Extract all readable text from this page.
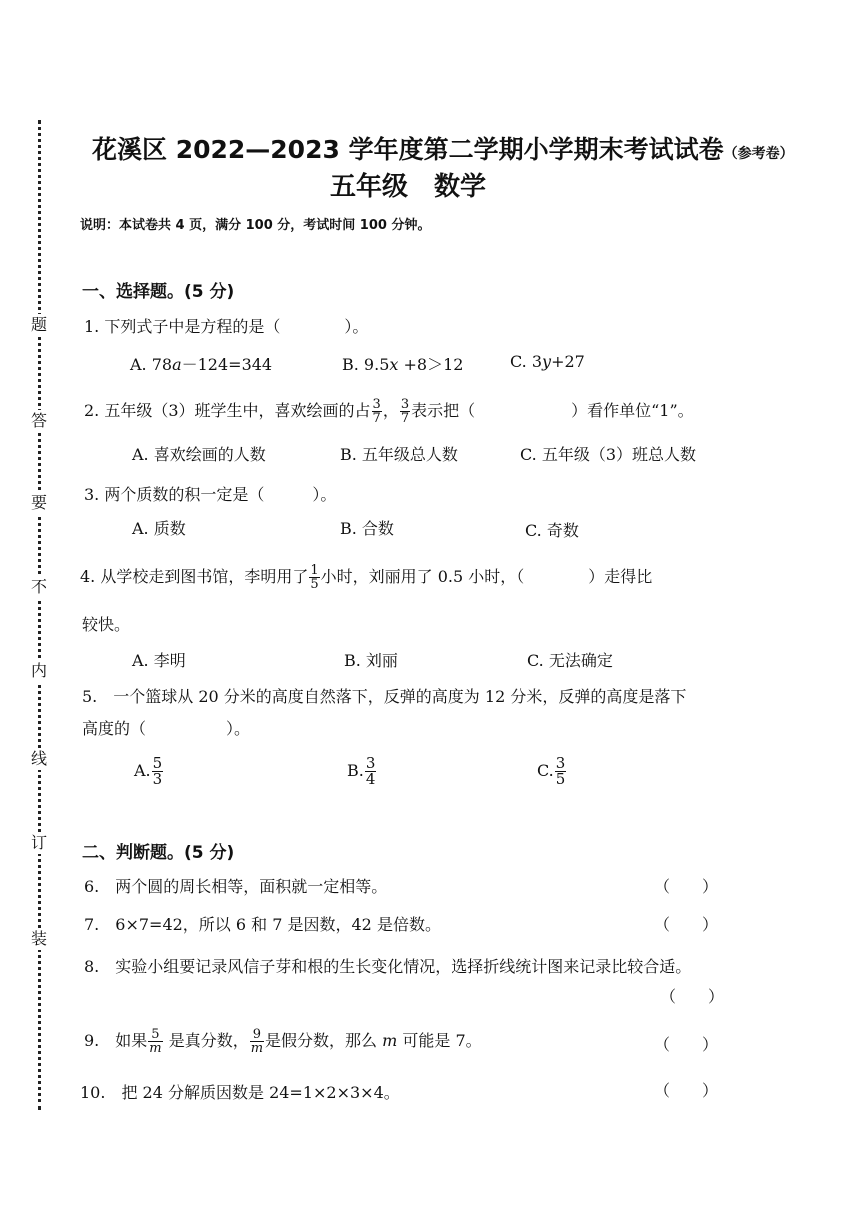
题
答
要
不
内
线
订
装
花溪区 2022—2023 学年度第二学期小学期末考试试卷（参考卷）
五年级　数学
说明：本试卷共 4 页，满分 100 分，考试时间 100 分钟。
一、选择题。(5 分)
1. 下列式子中是方程的是（　　　　）。
A. 78𝑎－124=344	B. 9.5𝑥 +8＞12	C. 3𝑦+27
2. 五年级（3）班学生中，喜欢绘画的占 $\frac{3}{7}$ ， $\frac{3}{7}$ 表示把（　　　　　　）看作单位“1”。
A. 喜欢绘画的人数	B. 五年级总人数	C. 五年级（3）班总人数
3. 两个质数的积一定是（　　　）。
A. 质数	B. 合数	C. 奇数
4. 从学校走到图书馆，李明用了 $\frac{1}{5}$ 小时，刘丽用了 0.5 小时，（　　　　）走得比
较快。
A. 李明	B. 刘丽	C. 无法确定
5.　一个篮球从 20 分米的高度自然落下，反弹的高度为 12 分米，反弹的高度是落下
高度的（　　　　　）。
A. $\frac{5}{3}$	B. $\frac{3}{4}$	C. $\frac{3}{5}$
二、判断题。(5 分)
6.　两个圆的周长相等，面积就一定相等。	（　　）
7.　6×7=42，所以 6 和 7 是因数，42 是倍数。	（　　）
8.　实验小组要记录风信子芽和根的生长变化情况，选择折线统计图来记录比较合适。
（　　）
9.　如果 $\frac{5}{m}$ 是真分数， $\frac{9}{m}$ 是假分数，那么 m 可能是 7。	（　　）
10.　把 24 分解质因数是 24=1×2×3×4。	（　　）
